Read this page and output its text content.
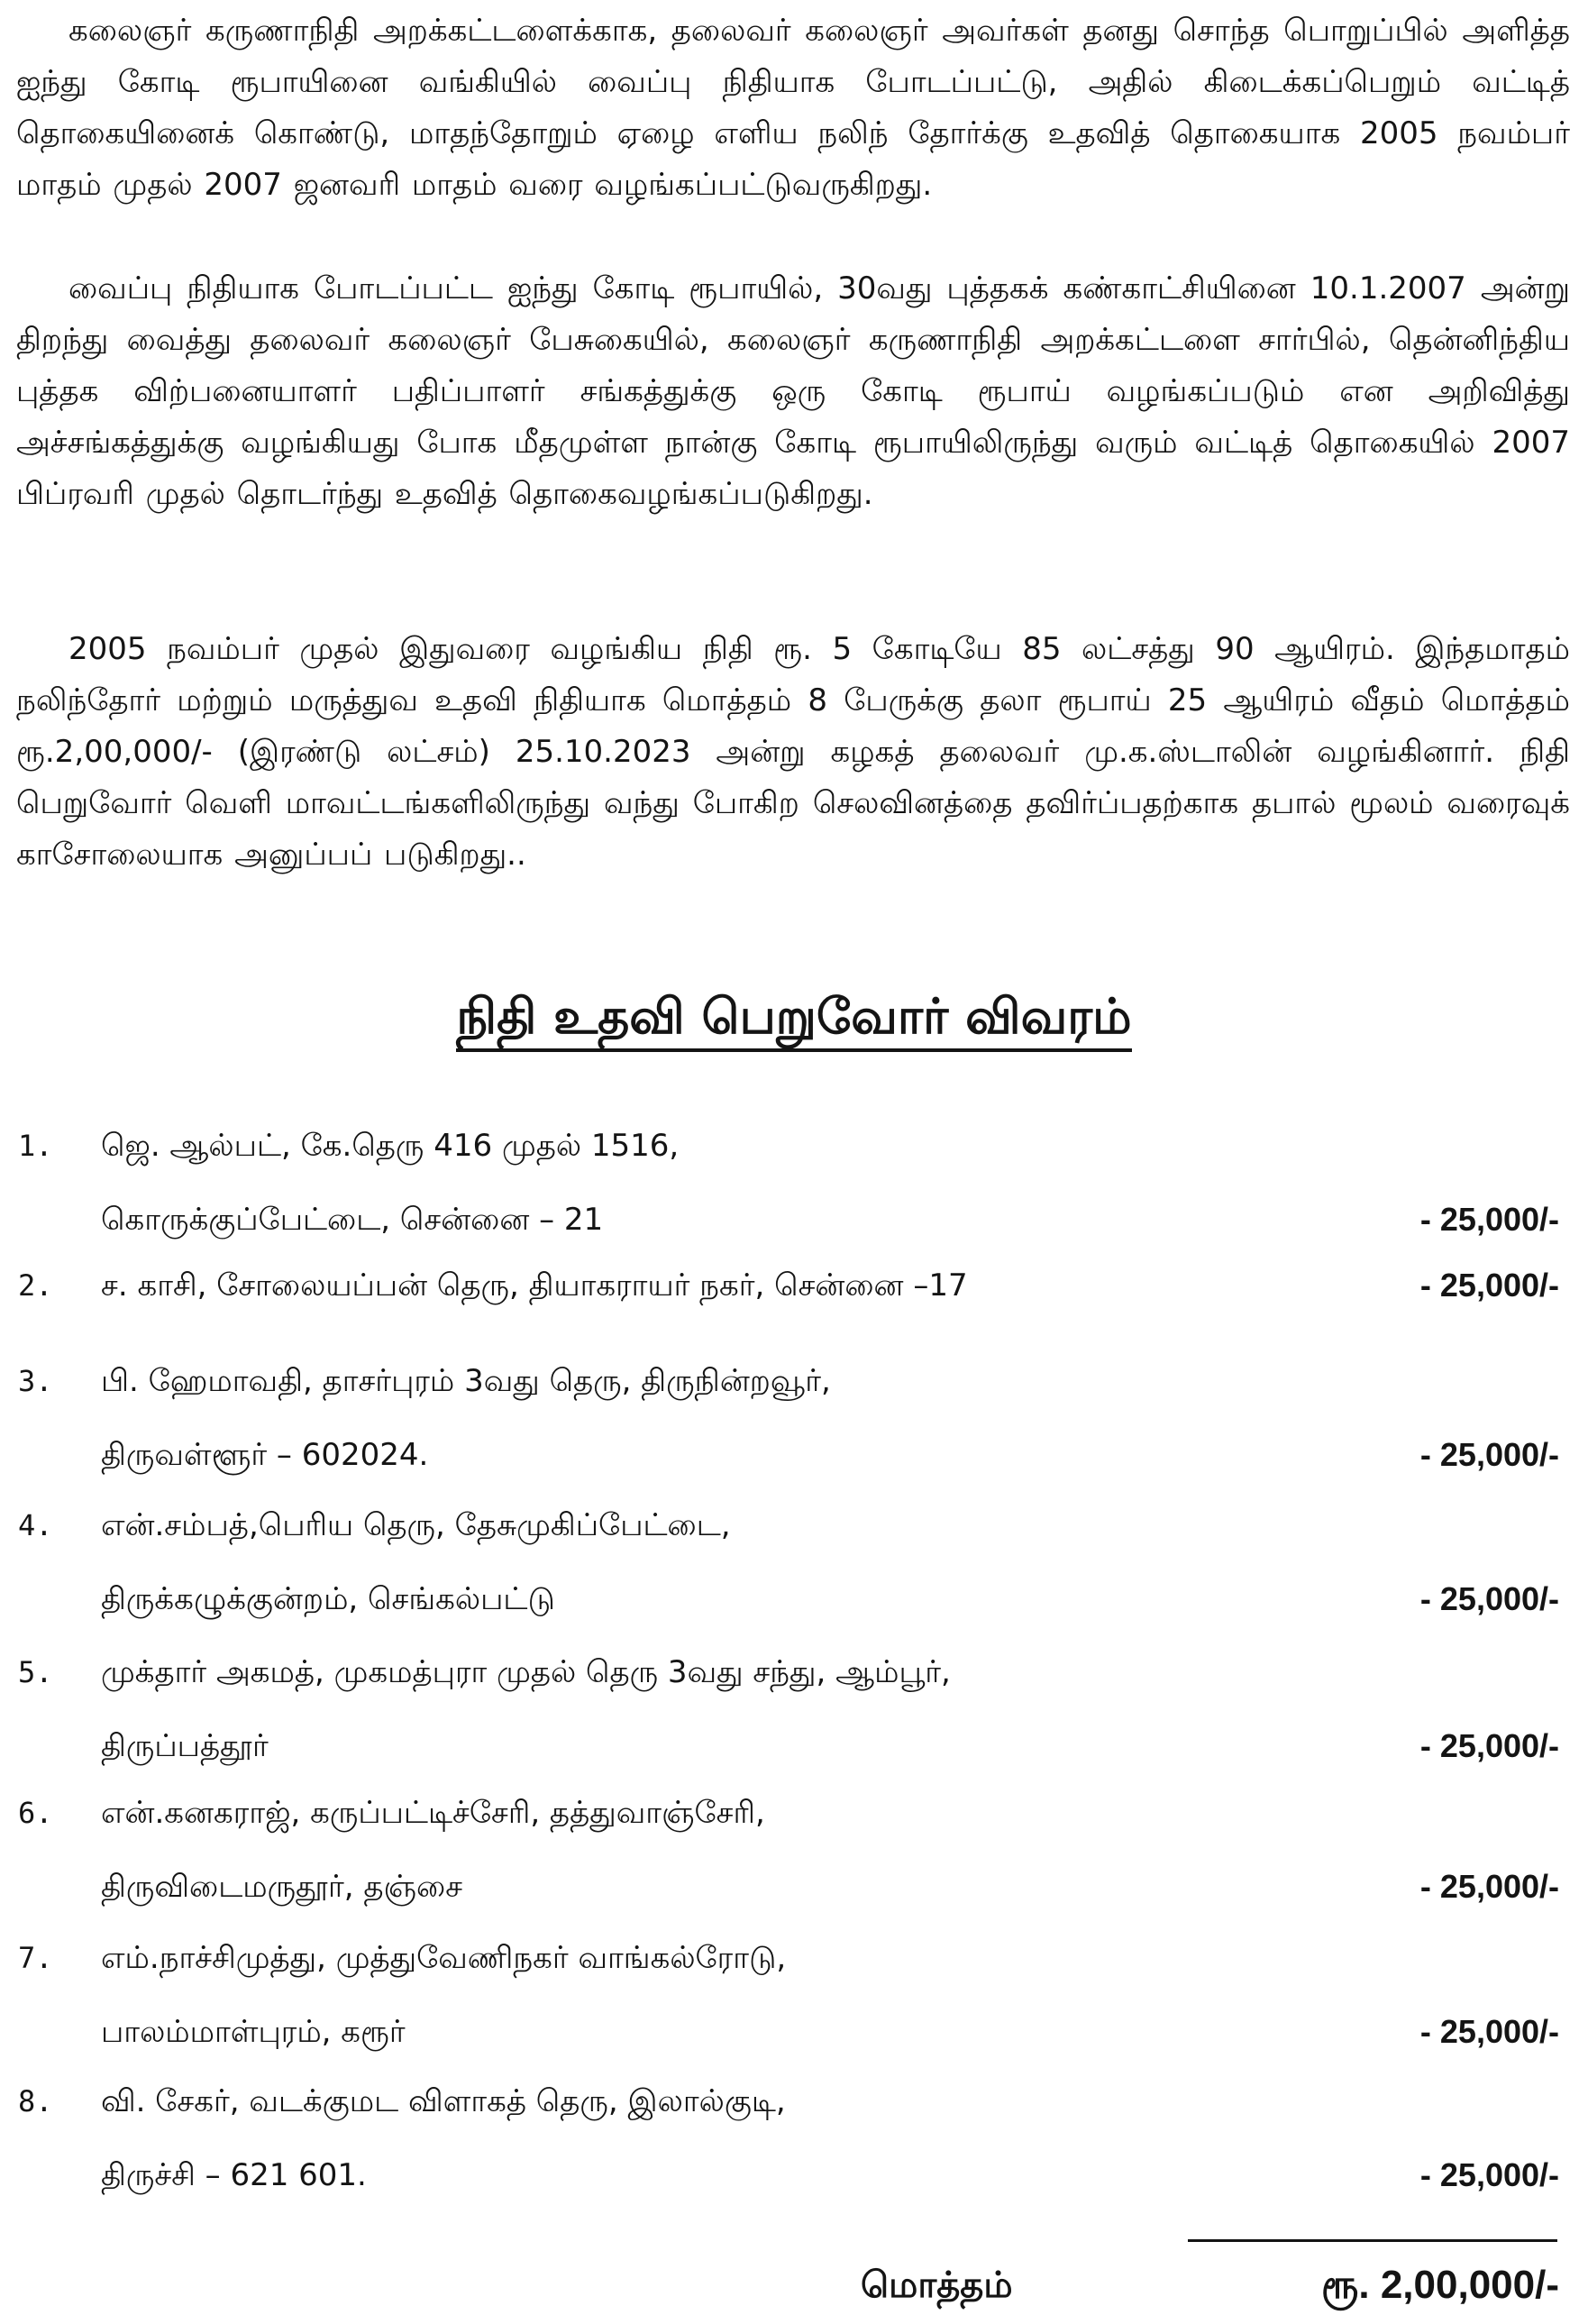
கலைஞர் கருணாநிதி அறக்கட்டளைக்காக, தலைவர் கலைஞர் அவர்கள் தனது சொந்த பொறுப்பில் அளித்த ஐந்து கோடி ரூபாயினை வங்கியில் வைப்பு நிதியாக போடப்பட்டு, அதில் கிடைக்கப்பெறும் வட்டித் தொகையினைக் கொண்டு, மாதந்தோறும் ஏழை எளிய நலிந் தோர்க்கு உதவித் தொகையாக 2005 நவம்பர் மாதம் முதல் 2007 ஜனவரி மாதம் வரை வழங்கப்பட்டுவருகிறது.

வைப்பு நிதியாக போடப்பட்ட ஐந்து கோடி ரூபாயில், 30வது புத்தகக் கண்காட்சியினை 10.1.2007 அன்று திறந்து வைத்து தலைவர் கலைஞர் பேசுகையில், கலைஞர் கருணாநிதி அறக்கட்டளை சார்பில், தென்னிந்திய புத்தக விற்பனையாளர் பதிப்பாளர் சங்கத்துக்கு ஒரு கோடி ரூபாய் வழங்கப்படும் என அறிவித்து அச்சங்கத்துக்கு வழங்கியது போக மீதமுள்ள நான்கு கோடி ரூபாயிலிருந்து வரும் வட்டித் தொகையில் 2007 பிப்ரவரி முதல் தொடர்ந்து உதவித் தொகைவழங்கப்படுகிறது.

2005 நவம்பர் முதல் இதுவரை வழங்கிய நிதி ரூ. 5 கோடியே 85 லட்சத்து 90 ஆயிரம். இந்தமாதம் நலிந்தோர் மற்றும் மருத்துவ உதவி நிதியாக மொத்தம் 8 பேருக்கு தலா ரூபாய் 25 ஆயிரம் வீதம் மொத்தம் ரூ.2,00,000/- (இரண்டு லட்சம்) 25.10.2023 அன்று கழகத் தலைவர் மு.க.ஸ்டாலின் வழங்கினார். நிதி பெறுவோர் வெளி மாவட்டங்களிலிருந்து வந்து போகிற செலவினத்தை தவிர்ப்பதற்காக தபால் மூலம் வரைவுக் காசோலையாக அனுப்பப் படுகிறது..

நிதி உதவி பெறுவோர் விவரம்
1.	ஜெ. ஆல்பட், கே.தெரு 416 முதல் 1516,
கொருக்குப்பேட்டை, சென்னை – 21	- 25,000/-
2.	ச. காசி, சோலையப்பன் தெரு, தியாகராயர் நகர், சென்னை –17	- 25,000/-
3.	பி. ஹேமாவதி, தாசர்புரம் 3வது தெரு, திருநின்றவூர்,
திருவள்ளூர் – 602024.	- 25,000/-
4.	என்.சம்பத்,பெரிய தெரு, தேசுமுகிப்பேட்டை,
திருக்கழுக்குன்றம், செங்கல்பட்டு	- 25,000/-
5.	முக்தார் அகமத், முகமத்புரா முதல் தெரு 3வது சந்து, ஆம்பூர்,
திருப்பத்தூர்	- 25,000/-
6.	என்.கனகராஜ், கருப்பட்டிச்சேரி, தத்துவாஞ்சேரி,
திருவிடைமருதூர், தஞ்சை	- 25,000/-
7.	எம்.நாச்சிமுத்து, முத்துவேணிநகர் வாங்கல்ரோடு,
பாலம்மாள்புரம், கரூர்	- 25,000/-
8.	வி. சேகர், வடக்குமட விளாகத் தெரு, இலால்குடி,
திருச்சி – 621 601.	- 25,000/-
மொத்தம்	ரூ. 2,00,000/-
